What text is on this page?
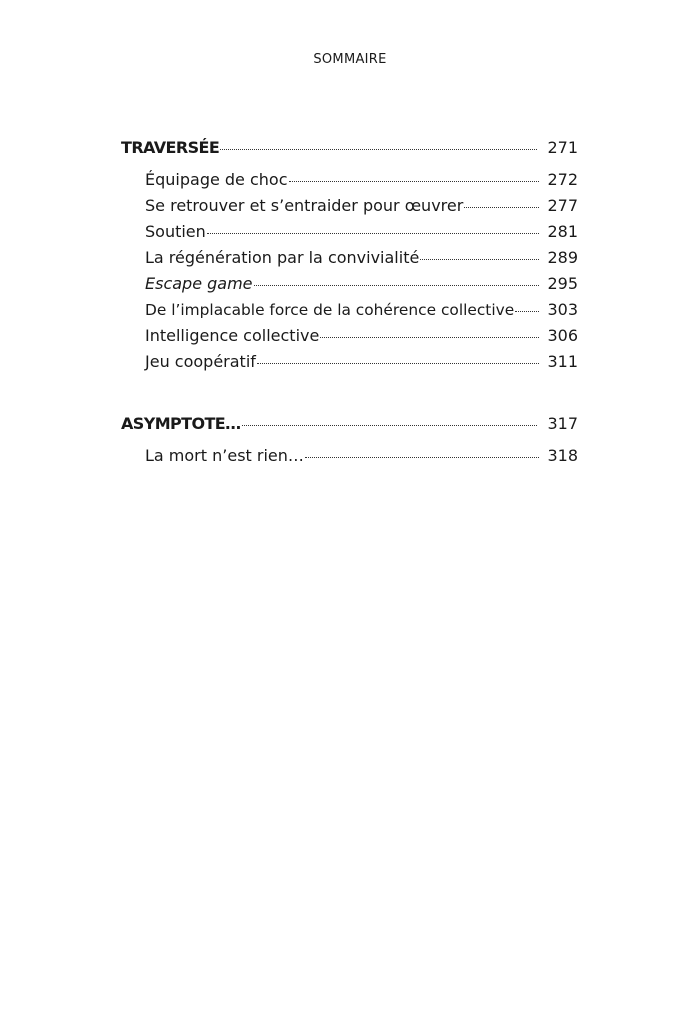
SOMMAIRE
TRAVERSÉE	271
Équipage de choc	272
Se retrouver et s’entraider pour œuvrer	277
Soutien	281
La régénération par la convivialité	289
Escape game	295
De l’implacable force de la cohérence collective 303
Intelligence collective	306
Jeu coopératif	311
ASYMPTOTE…	317
La mort n’est rien…	318
